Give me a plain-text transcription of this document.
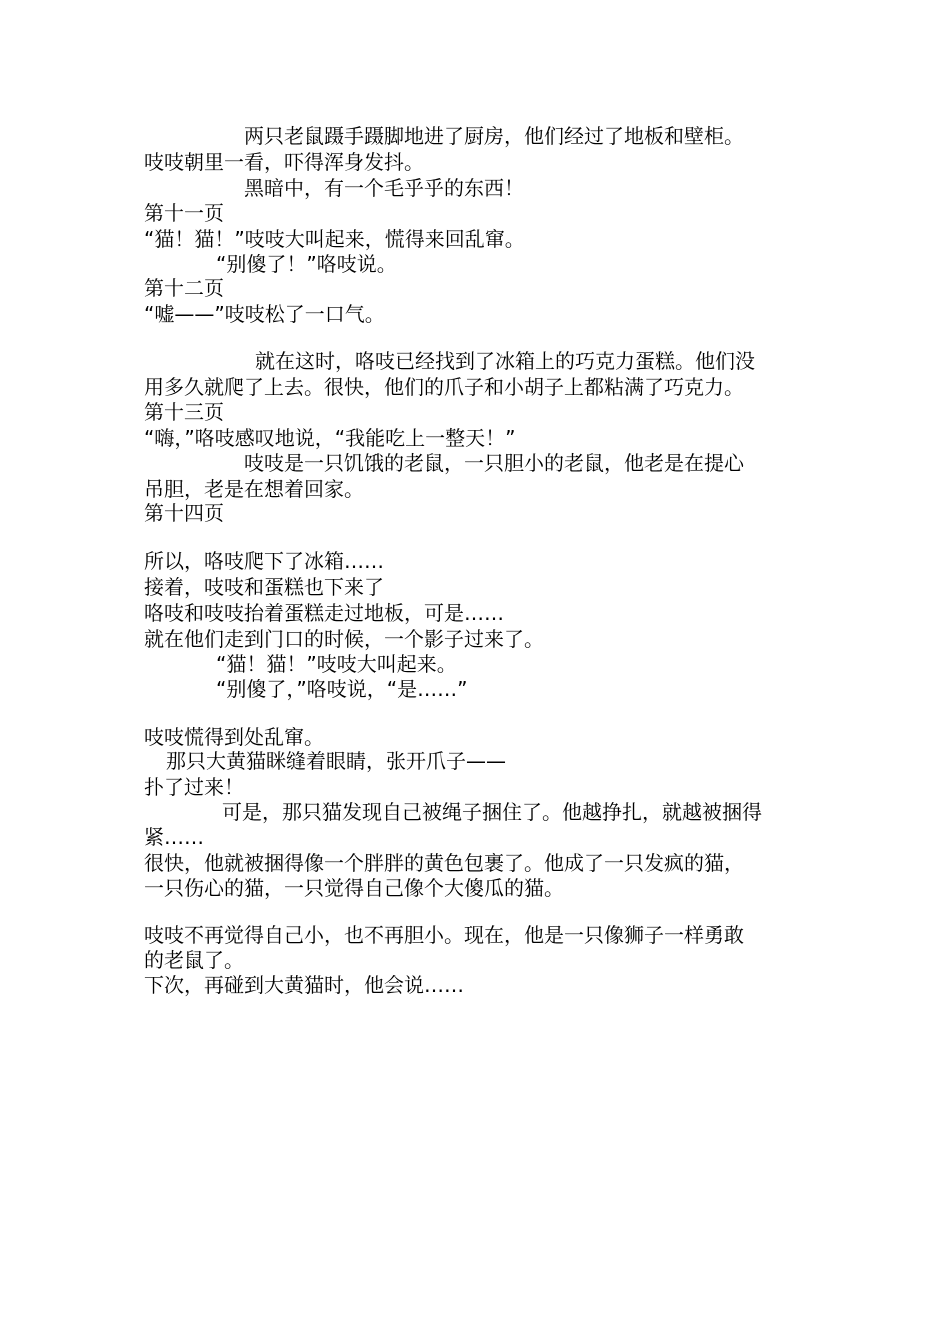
两只老鼠蹑手蹑脚地进了厨房，他们经过了地板和壁柜。
吱吱朝里一看，吓得浑身发抖。
黑暗中，有一个毛乎乎的东西！
第十一页
“猫！猫！”吱吱大叫起来，慌得来回乱窜。
“别傻了！”咯吱说。
第十二页
“嘘——”吱吱松了一口气。
就在这时，咯吱已经找到了冰箱上的巧克力蛋糕。他们没
用多久就爬了上去。很快，他们的爪子和小胡子上都粘满了巧克力。
第十三页
“嗨，”咯吱感叹地说，“我能吃上一整天！”
吱吱是一只饥饿的老鼠，一只胆小的老鼠，他老是在提心
吊胆，老是在想着回家。
第十四页
所以，咯吱爬下了冰箱……
接着，吱吱和蛋糕也下来了
咯吱和吱吱抬着蛋糕走过地板，可是……
就在他们走到门口的时候，一个影子过来了。
“猫！猫！”吱吱大叫起来。
“别傻了，”咯吱说，“是……”
吱吱慌得到处乱窜。
那只大黄猫眯缝着眼睛，张开爪子——
扑了过来！
可是，那只猫发现自己被绳子捆住了。他越挣扎，就越被捆得
紧……
很快，他就被捆得像一个胖胖的黄色包裹了。他成了一只发疯的猫，
一只伤心的猫，一只觉得自己像个大傻瓜的猫。
吱吱不再觉得自己小，也不再胆小。现在，他是一只像狮子一样勇敢
的老鼠了。
下次，再碰到大黄猫时，他会说……
